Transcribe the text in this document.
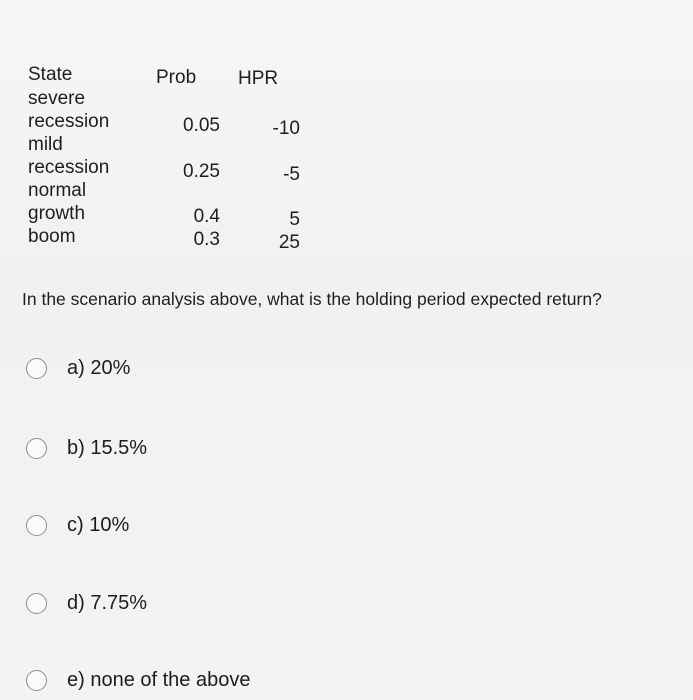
State	Prob HPR
severe
recession
mild
recession
normal
growth
boom
0.05
0.25
0.4
0.3
-10
-5
5
25
In the scenario analysis above, what is the holding period expected return?
a) 20%
b) 15.5%
c) 10%
d) 7.75%
e) none of the above
